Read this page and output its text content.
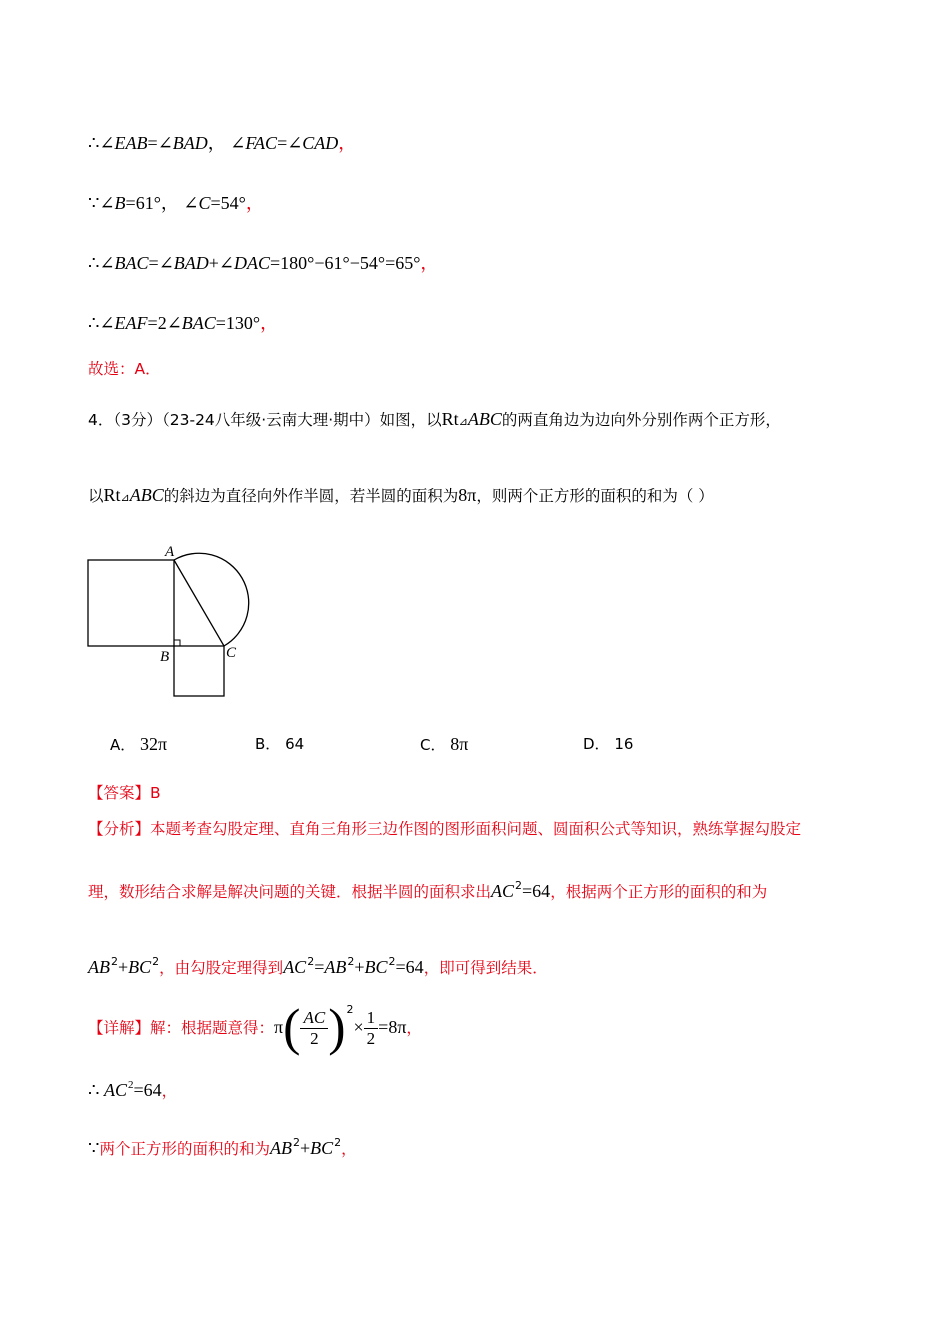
∴∠EAB=∠BAD， ∠FAC=∠CAD，
∵∠B=61°， ∠C=54°，
∴∠BAC=∠BAD+∠DAC=180°−61°−54°=65°，
∴∠EAF=2∠BAC=130°，
故选：A．
4．（3分）（23-24八年级·云南大理·期中）如图，以Rt⊿ABC的两直角边为边向外分别作两个正方形，
以Rt⊿ABC的斜边为直径向外作半圆，若半圆的面积为8π，则两个正方形的面积的和为（ ）
A
B	C
A． 32π	B． 64	C． 8π	D． 16
【答案】B
【分析】本题考查勾股定理、直角三角形三边作图的图形面积问题、圆面积公式等知识，熟练掌握勾股定
理，数形结合求解是解决问题的关键．根据半圆的面积求出$AC^2=64$，根据两个正方形的面积的和为
$AB^2+BC^2$，由勾股定理得到$AC^2=AB^2+BC^2=64$，即可得到结果．
【详解】解：根据题意得：$\pi( \frac{AC}{2} )^2\times \frac{1}{2} =8\pi$，
∴ $AC^2=64$，
∵两个正方形的面积的和为$AB^2+BC^2$，
